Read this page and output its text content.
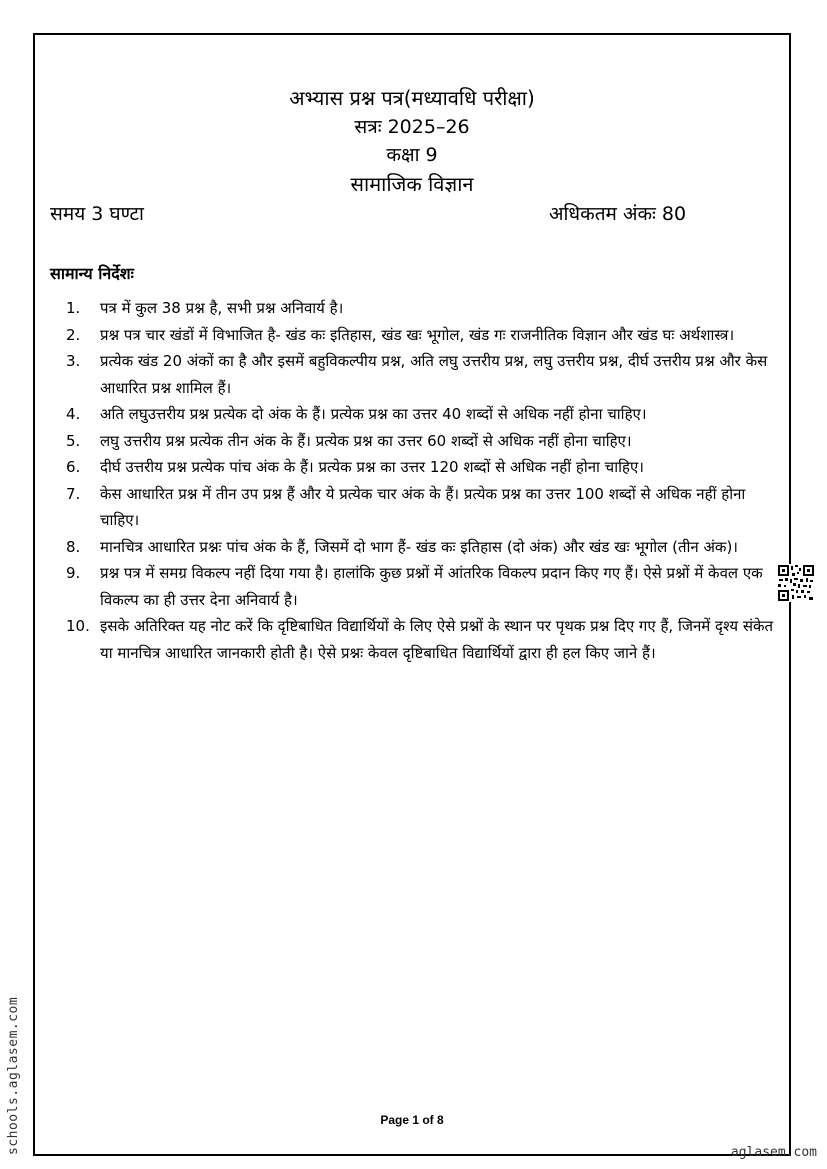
अभ्यास प्रश्न पत्र(मध्यावधि परीक्षा)
सत्रः 2025–26
कक्षा 9
सामाजिक विज्ञान
समय 3 घण्टा	अधिकतम अंकः 80
सामान्य निर्देशः
1. पत्र में कुल 38 प्रश्न है, सभी प्रश्न अनिवार्य है।
2. प्रश्न पत्र चार खंडों में विभाजित है- खंड कः इतिहास, खंड खः भूगोल, खंड गः राजनीतिक विज्ञान और खंड घः अर्थशास्त्र।
3. प्रत्येक खंड 20 अंकों का है और इसमें बहुविकल्पीय प्रश्न, अति लघु उत्तरीय प्रश्न, लघु उत्तरीय प्रश्न, दीर्घ उत्तरीय प्रश्न और केस आधारित प्रश्न शामिल हैं।
4. अति लघुउत्तरीय प्रश्न प्रत्येक दो अंक के हैं। प्रत्येक प्रश्न का उत्तर 40 शब्दों से अधिक नहीं होना चाहिए।
5. लघु उत्तरीय प्रश्न प्रत्येक तीन अंक के हैं। प्रत्येक प्रश्न का उत्तर 60 शब्दों से अधिक नहीं होना चाहिए।
6. दीर्घ उत्तरीय प्रश्न प्रत्येक पांच अंक के हैं। प्रत्येक प्रश्न का उत्तर 120 शब्दों से अधिक नहीं होना चाहिए।
7. केस आधारित प्रश्न में तीन उप प्रश्न हैं और ये प्रत्येक चार अंक के हैं। प्रत्येक प्रश्न का उत्तर 100 शब्दों से अधिक नहीं होना चाहिए।
8. मानचित्र आधारित प्रश्नः पांच अंक के हैं, जिसमें दो भाग हैं- खंड कः इतिहास (दो अंक) और खंड खः भूगोल (तीन अंक)।
9. प्रश्न पत्र में समग्र विकल्प नहीं दिया गया है। हालांकि कुछ प्रश्नों में आंतरिक विकल्प प्रदान किए गए हैं। ऐसे प्रश्नों में केवल एक विकल्प का ही उत्तर देना अनिवार्य है।
10. इसके अतिरिक्त यह नोट करें कि दृष्टिबाधित विद्यार्थियों के लिए ऐसे प्रश्नों के स्थान पर पृथक प्रश्न दिए गए हैं, जिनमें दृश्य संकेत या मानचित्र आधारित जानकारी होती है। ऐसे प्रश्नः केवल दृष्टिबाधित विद्यार्थियों द्वारा ही हल किए जाने हैं।
schools.aglasem.com	Page 1 of 8
aglasem.com
